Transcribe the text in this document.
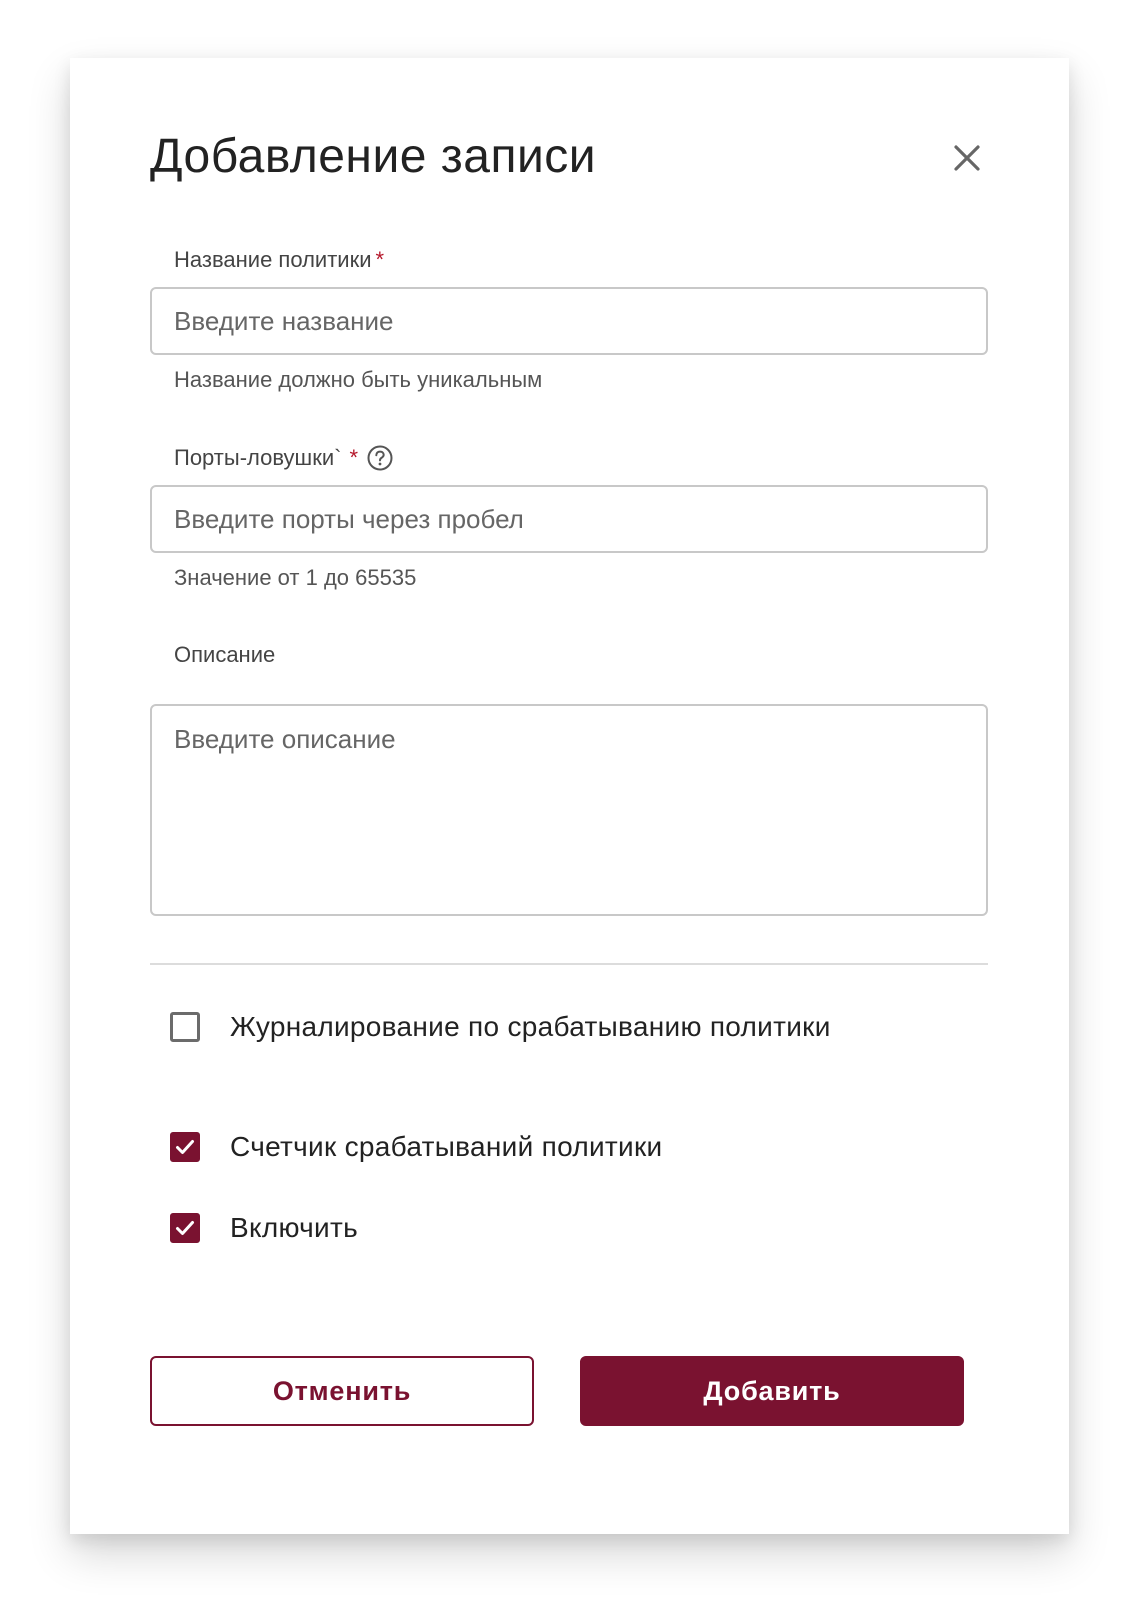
Добавление записи
Название политики *
Введите название
Название должно быть уникальным
Порты-ловушки` *
Введите порты через пробел
Значение от 1 до 65535
Описание
Введите описание
Журналирование по срабатыванию политики
Счетчик срабатываний политики
Включить
Отменить	Добавить
